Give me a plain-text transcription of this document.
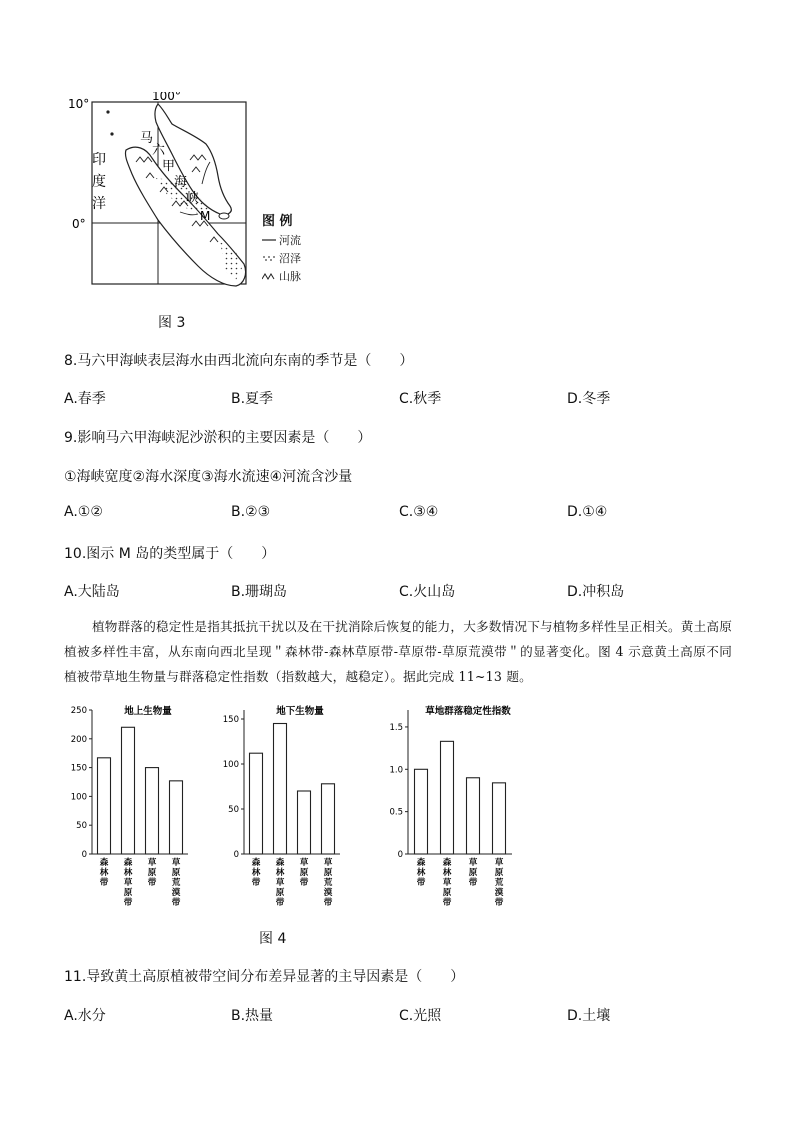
10°
0°
100°
印
度
洋
马
六
甲
海
峡
M	图 例
河流
沼泽
山脉
图 3
8.马六甲海峡表层海水由西北流向东南的季节是（　　）
A.春季	B.夏季	C.秋季	D.冬季
9.影响马六甲海峡泥沙淤积的主要因素是（　　）
①海峡宽度②海水深度③海水流速④河流含沙量
A.①②	B.②③	C.③④	D.①④
10.图示 M 岛的类型属于（　　）
A.大陆岛	B.珊瑚岛	C.火山岛	D.冲积岛
植物群落的稳定性是指其抵抗干扰以及在干扰消除后恢复的能力，大多数情况下与植物多样性呈正相关。黄土高原植被多样性丰富，从东南向西北呈现＂森林带-森林草原带-草原带-草原荒漠带＂的显著变化。图 4 示意黄土高原不同植被带草地生物量与群落稳定性指数（指数越大，越稳定）。据此完成 11~13 题。
地上生物量
0
50
100
150
200
250
森林带
森林草原带
草原带
草原荒漠带
地下生物量
0
50
100
150
森林带
森林草原带
草原带
草原荒漠带
草地群落稳定性指数
0
0.5
1.0
1.5
森林带
森林草原带
草原带
草原荒漠带
图 4
11.导致黄土高原植被带空间分布差异显著的主导因素是（　　）
A.水分	B.热量	C.光照	D.土壤
